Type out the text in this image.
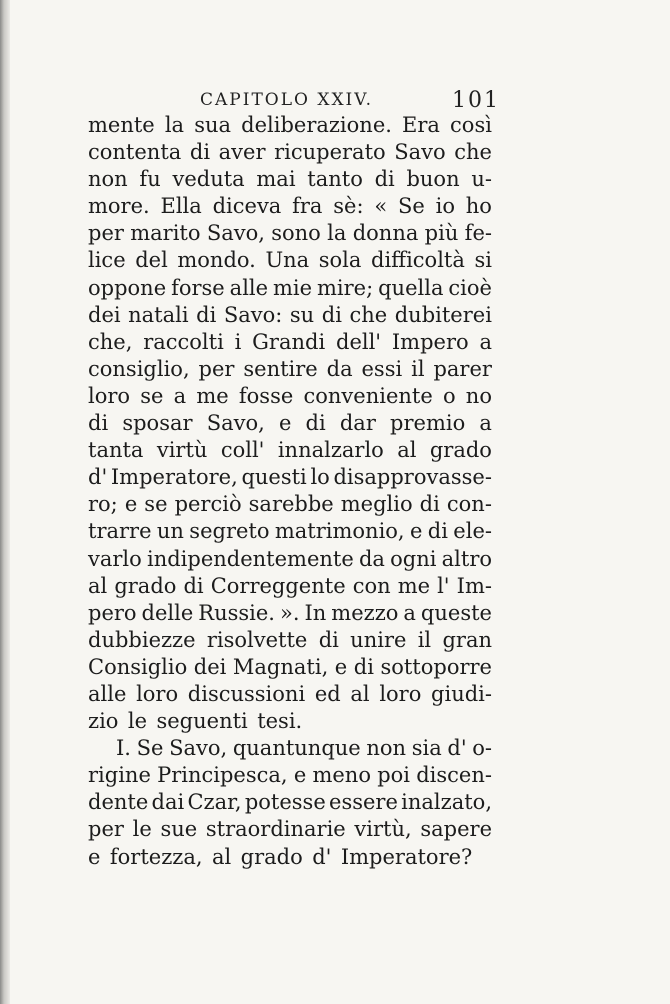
CAPITOLO XXIV.	101
mente la sua deliberazione. Era così
contenta di aver ricuperato Savo che
non fu veduta mai tanto di buon u-
more. Ella diceva fra sè: « Se io ho
per marito Savo, sono la donna più fe-
lice del mondo. Una sola difficoltà si
oppone forse alle mie mire; quella cioè
dei natali di Savo: su di che dubiterei
che, raccolti i Grandi dell' Impero a
consiglio, per sentire da essi il parer
loro se a me fosse conveniente o no
di sposar Savo, e di dar premio a
tanta virtù coll' innalzarlo al grado
d' Imperatore, questi lo disapprovasse-
ro; e se perciò sarebbe meglio di con-
trarre un segreto matrimonio, e di ele-
varlo indipendentemente da ogni altro
al grado di Correggente con me l' Im-
pero delle Russie. ». In mezzo a queste
dubbiezze risolvette di unire il gran
Consiglio dei Magnati, e di sottoporre
alle loro discussioni ed al loro giudi-
zio le seguenti tesi.
I. Se Savo, quantunque non sia d' o-
rigine Principesca, e meno poi discen-
dente dai Czar, potesse essere inalzato,
per le sue straordinarie virtù, sapere
e fortezza, al grado d' Imperatore?
